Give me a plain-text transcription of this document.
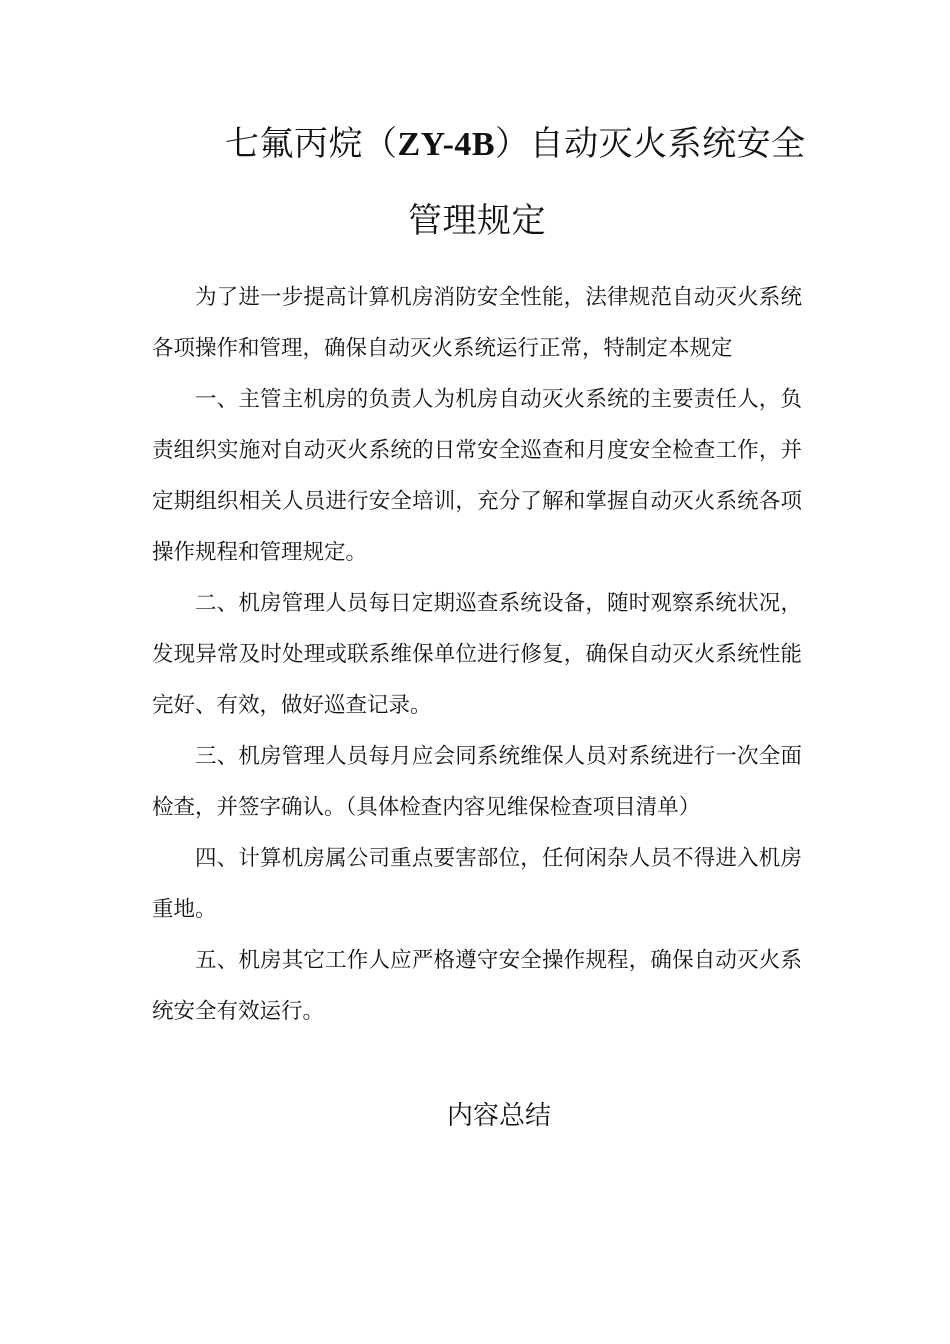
七氟丙烷（ZY-4B）自动灭火系统安全
管理规定

为了进一步提高计算机房消防安全性能，法律规范自动灭火系统各项操作和管理，确保自动灭火系统运行正常，特制定本规定

一、主管主机房的负责人为机房自动灭火系统的主要责任人，负责组织实施对自动灭火系统的日常安全巡查和月度安全检查工作，并定期组织相关人员进行安全培训，充分了解和掌握自动灭火系统各项操作规程和管理规定。

二、机房管理人员每日定期巡查系统设备，随时观察系统状况，发现异常及时处理或联系维保单位进行修复，确保自动灭火系统性能完好、有效，做好巡查记录。

三、机房管理人员每月应会同系统维保人员对系统进行一次全面检查，并签字确认。（具体检查内容见维保检查项目清单）

四、计算机房属公司重点要害部位，任何闲杂人员不得进入机房重地。

五、机房其它工作人应严格遵守安全操作规程，确保自动灭火系统安全有效运行。

内容总结
